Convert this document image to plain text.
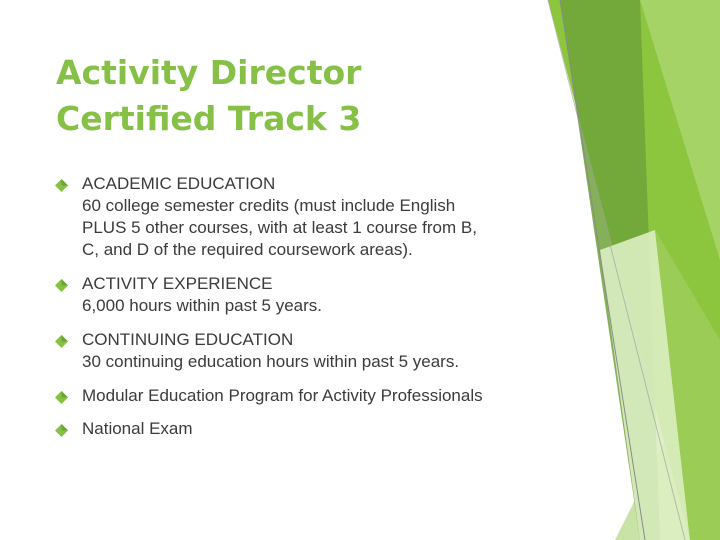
Activity Director
Certified Track 3
ACADEMIC EDUCATION
60 college semester credits (must include English
PLUS 5 other courses, with at least 1 course from B,
C, and D of the required coursework areas).
ACTIVITY EXPERIENCE
6,000 hours within past 5 years.
CONTINUING EDUCATION
30 continuing education hours within past 5 years.
Modular Education Program for Activity Professionals
National Exam
